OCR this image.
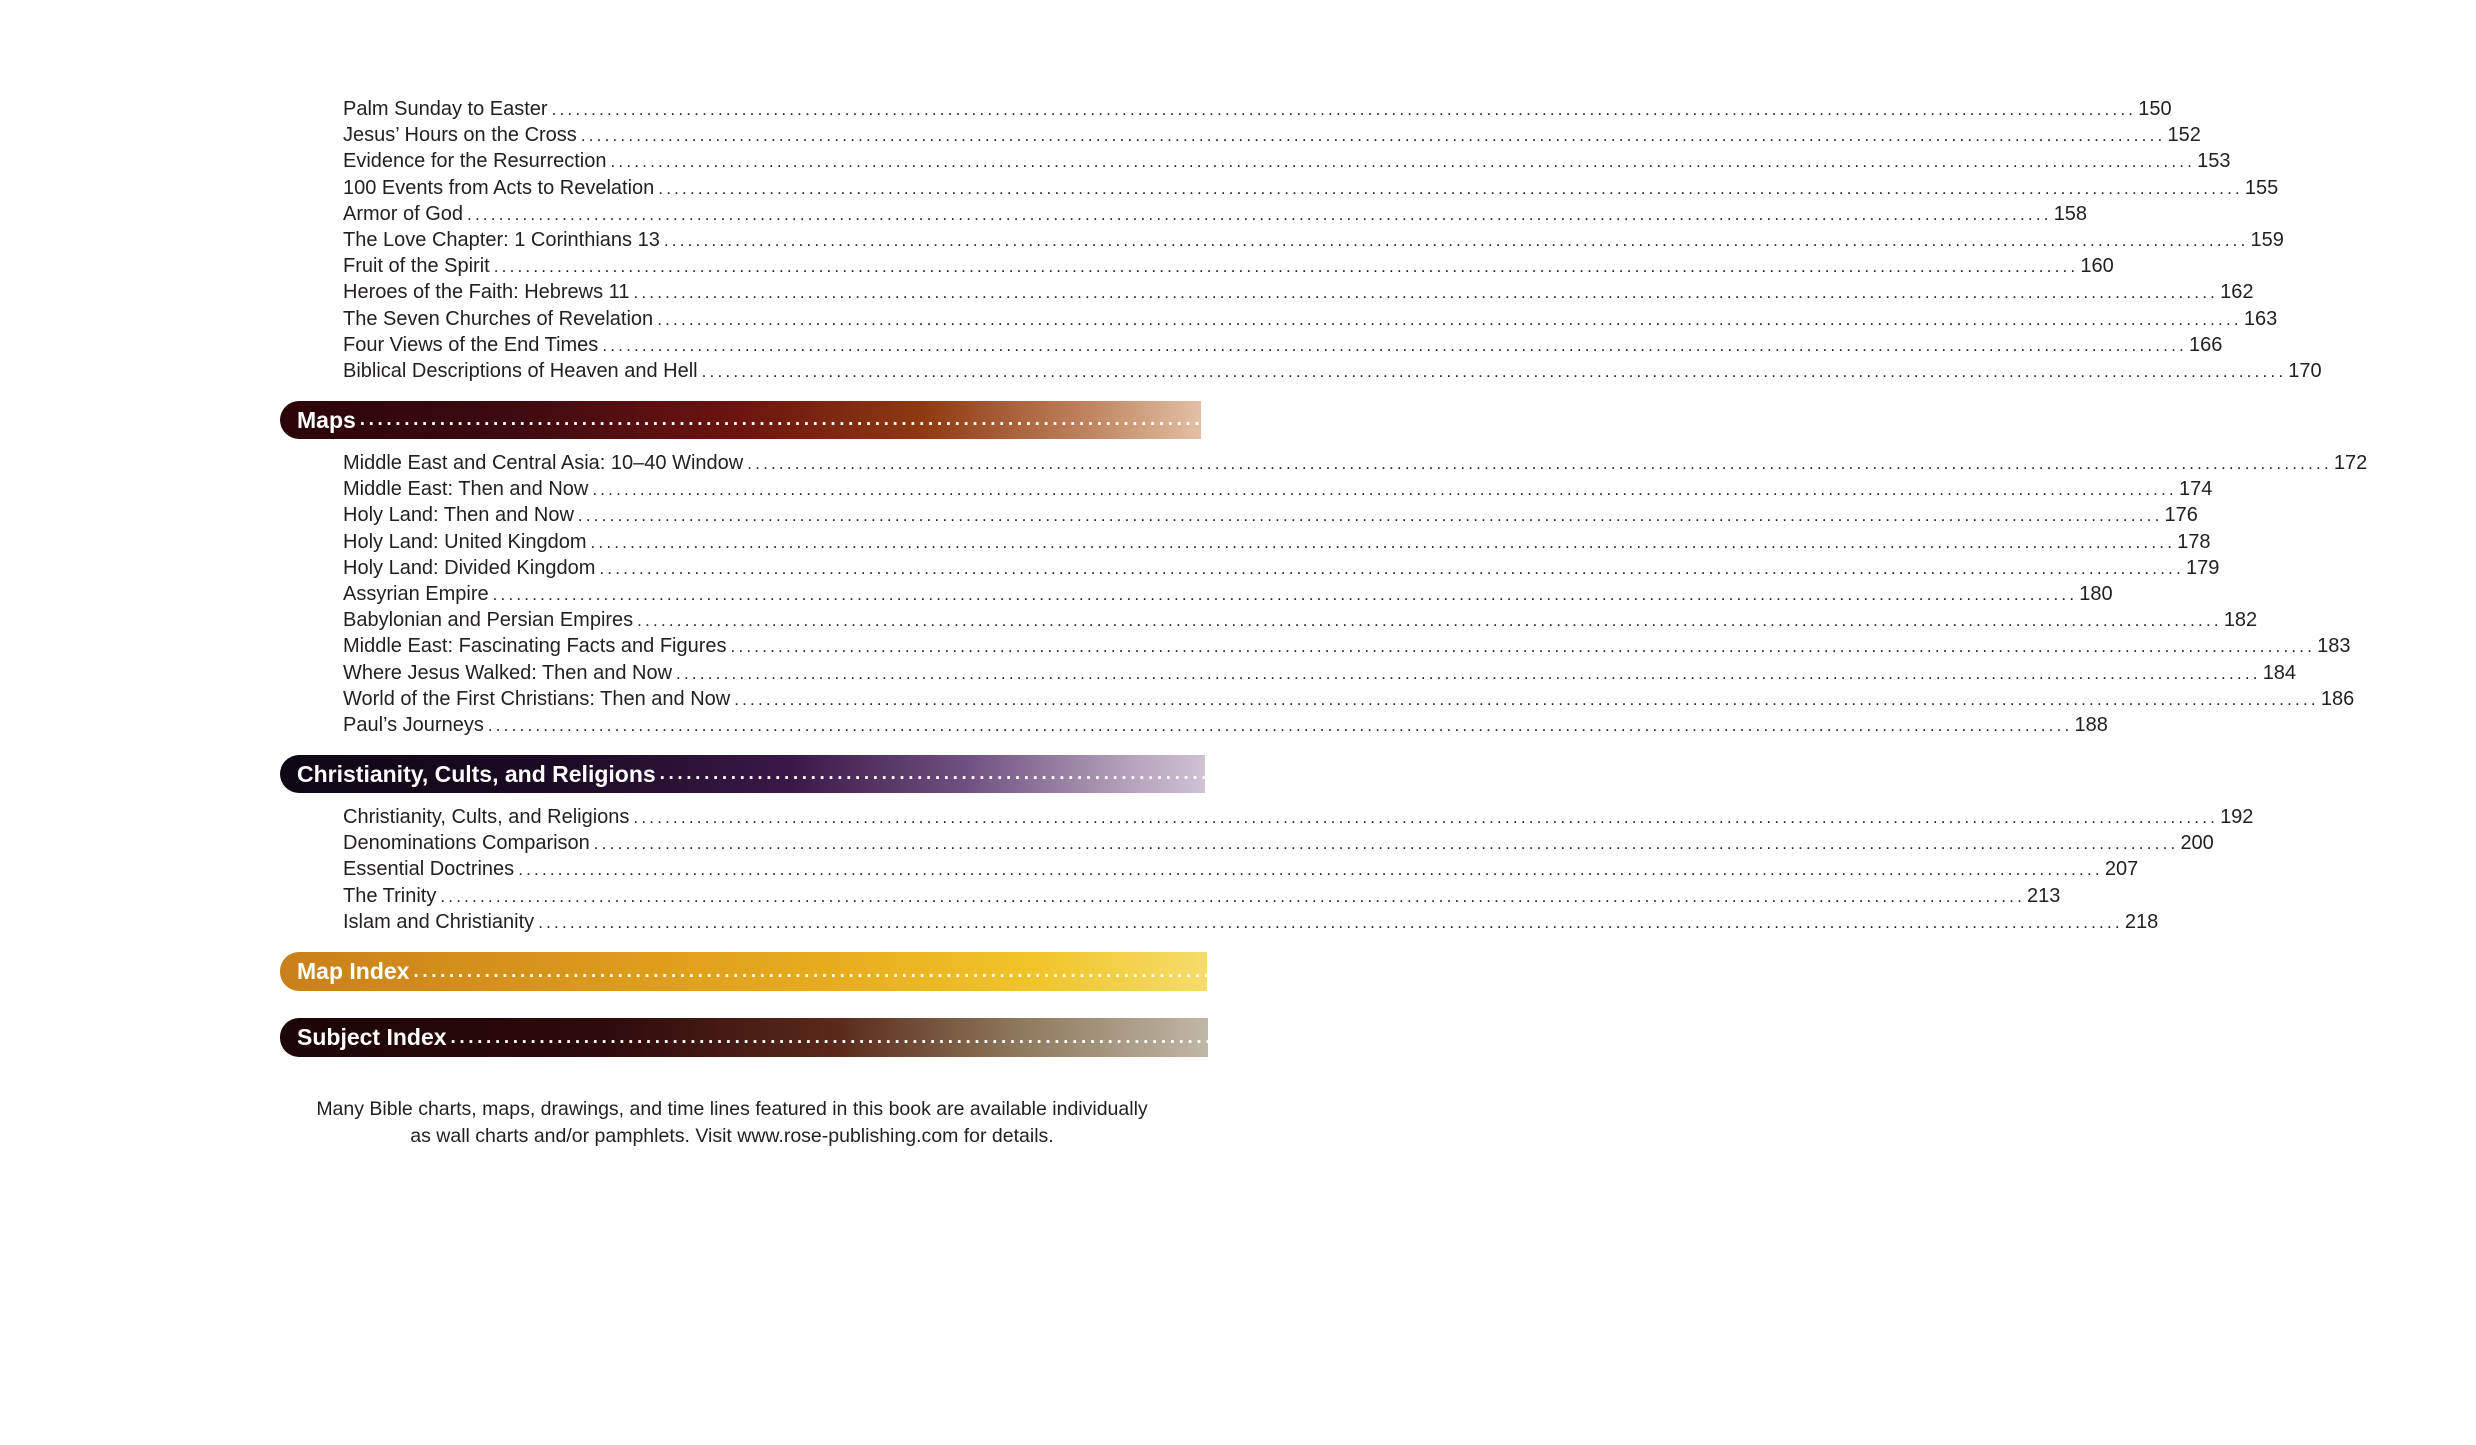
Palm Sunday to Easter ........................................................................................................................................................................................................ 150
Jesus’ Hours on the Cross ........................................................................................................................................................................................................ 152
Evidence for the Resurrection ........................................................................................................................................................................................................ 153
100 Events from Acts to Revelation ........................................................................................................................................................................................................ 155
Armor of God ........................................................................................................................................................................................................ 158
The Love Chapter: 1 Corinthians 13 ........................................................................................................................................................................................................ 159
Fruit of the Spirit ........................................................................................................................................................................................................ 160
Heroes of the Faith: Hebrews 11 ........................................................................................................................................................................................................ 162
The Seven Churches of Revelation ........................................................................................................................................................................................................ 163
Four Views of the End Times ........................................................................................................................................................................................................ 166
Biblical Descriptions of Heaven and Hell ........................................................................................................................................................................................................ 170
Maps ........................................................................................................................................................................................................ 171
Middle East and Central Asia: 10–40 Window ........................................................................................................................................................................................................ 172
Middle East: Then and Now ........................................................................................................................................................................................................ 174
Holy Land: Then and Now ........................................................................................................................................................................................................ 176
Holy Land: United Kingdom ........................................................................................................................................................................................................ 178
Holy Land: Divided Kingdom ........................................................................................................................................................................................................ 179
Assyrian Empire ........................................................................................................................................................................................................ 180
Babylonian and Persian Empires ........................................................................................................................................................................................................ 182
Middle East: Fascinating Facts and Figures ........................................................................................................................................................................................................ 183
Where Jesus Walked: Then and Now ........................................................................................................................................................................................................ 184
World of the First Christians: Then and Now ........................................................................................................................................................................................................ 186
Paul’s Journeys ........................................................................................................................................................................................................ 188
Christianity, Cults, and Religions ........................................................................................................................................................................................................ 191
Christianity, Cults, and Religions ........................................................................................................................................................................................................ 192
Denominations Comparison ........................................................................................................................................................................................................ 200
Essential Doctrines ........................................................................................................................................................................................................ 207
The Trinity ........................................................................................................................................................................................................ 213
Islam and Christianity ........................................................................................................................................................................................................ 218
Map Index ........................................................................................................................................................................................................ 224
Subject Index ........................................................................................................................................................................................................ 226
Many Bible charts, maps, drawings, and time lines featured in this book are available individually
as wall charts and/or pamphlets. Visit www.rose-publishing.com for details.
